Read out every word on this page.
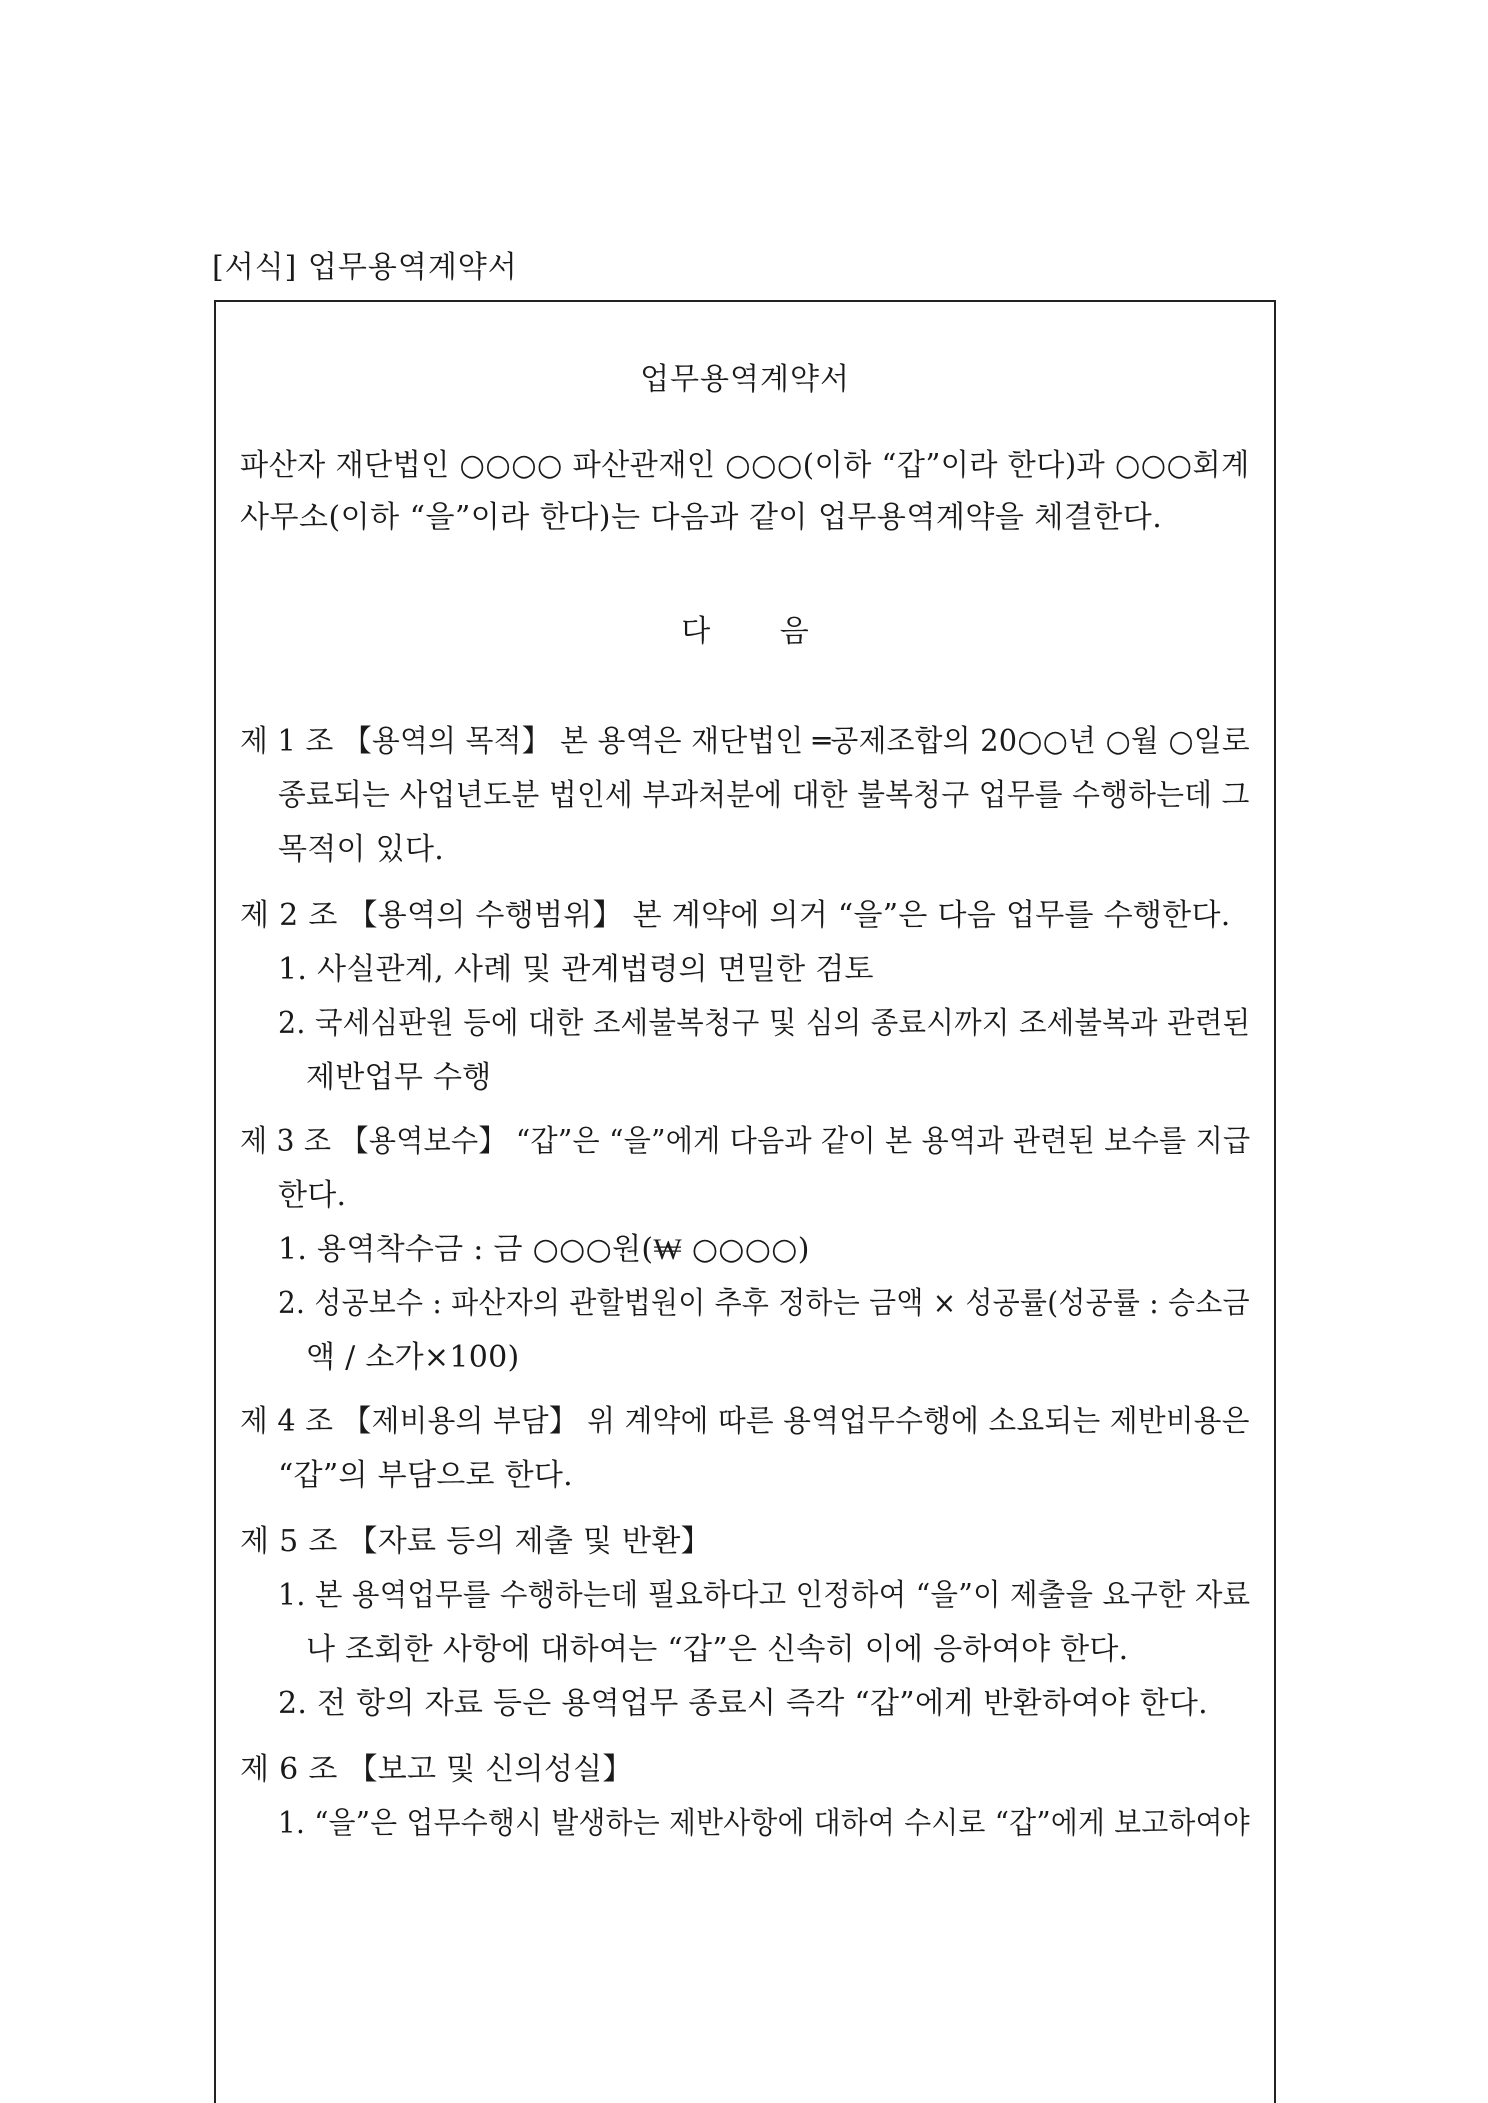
[서식] 업무용역계약서
업무용역계약서
파산자 재단법인 ○○○○ 파산관재인 ○○○(이하 “갑”이라 한다)과 ○○○회계
사무소(이하 “을”이라 한다)는 다음과 같이 업무용역계약을 체결한다.
다 음
제 1 조 【용역의 목적】 본 용역은 재단법인 ═공제조합의 20○○년 ○월 ○일로
종료되는 사업년도분 법인세 부과처분에 대한 불복청구 업무를 수행하는데 그
목적이 있다.
제 2 조 【용역의 수행범위】 본 계약에 의거 “을”은 다음 업무를 수행한다.
1. 사실관계, 사례 및 관계법령의 면밀한 검토
2. 국세심판원 등에 대한 조세불복청구 및 심의 종료시까지 조세불복과 관련된
제반업무 수행
제 3 조 【용역보수】 “갑”은 “을”에게 다음과 같이 본 용역과 관련된 보수를 지급
한다.
1. 용역착수금 : 금 ○○○원(₩ ○○○○)
2. 성공보수 : 파산자의 관할법원이 추후 정하는 금액 × 성공률(성공률 : 승소금
액 / 소가×100)
제 4 조 【제비용의 부담】 위 계약에 따른 용역업무수행에 소요되는 제반비용은
“갑”의 부담으로 한다.
제 5 조 【자료 등의 제출 및 반환】
1. 본 용역업무를 수행하는데 필요하다고 인정하여 “을”이 제출을 요구한 자료
나 조회한 사항에 대하여는 “갑”은 신속히 이에 응하여야 한다.
2. 전 항의 자료 등은 용역업무 종료시 즉각 “갑”에게 반환하여야 한다.
제 6 조 【보고 및 신의성실】
1. “을”은 업무수행시 발생하는 제반사항에 대하여 수시로 “갑”에게 보고하여야
